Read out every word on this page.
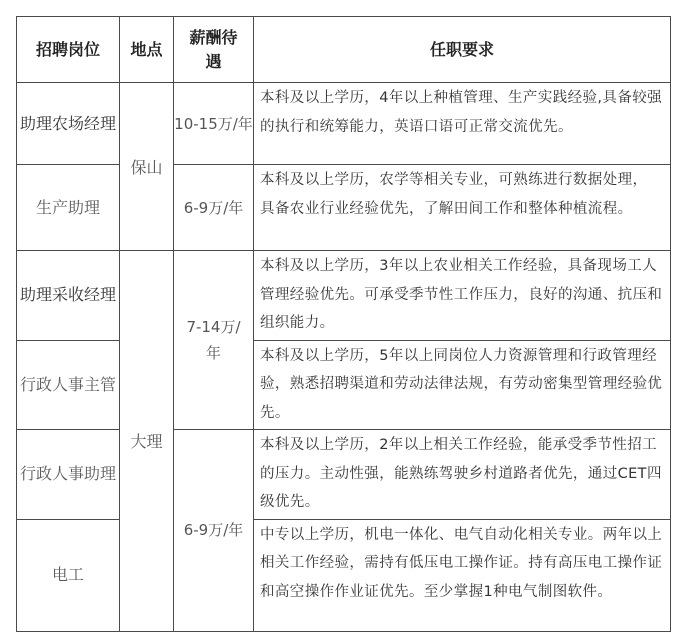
招聘岗位	地点	薪酬待遇	任职要求
助理农场经理	保山	10-15万/年	本科及以上学历，4年以上种植管理、生产实践经验,具备较强的执行和统筹能力，英语口语可正常交流优先。
生产助理		6-9万/年	本科及以上学历，农学等相关专业，可熟练进行数据处理， 具备农业行业经验优先，了解田间工作和整体种植流程。
助理采收经理	大理	7-14万/年	本科及以上学历，3年以上农业相关工作经验，具备现场工人管理经验优先。可承受季节性工作压力，良好的沟通、抗压和组织能力。
行政人事主管			本科及以上学历，5年以上同岗位人力资源管理和行政管理经验，熟悉招聘渠道和劳动法律法规，有劳动密集型管理经验优先。
行政人事助理		6-9万/年	本科及以上学历，2年以上相关工作经验，能承受季节性招工的压力。主动性强，能熟练驾驶乡村道路者优先，通过CET四级优先。
电工			中专以上学历，机电一体化、电气自动化相关专业。两年以上相关工作经验，需持有低压电工操作证。持有高压电工操作证和高空操作作业证优先。至少掌握1种电气制图软件。
